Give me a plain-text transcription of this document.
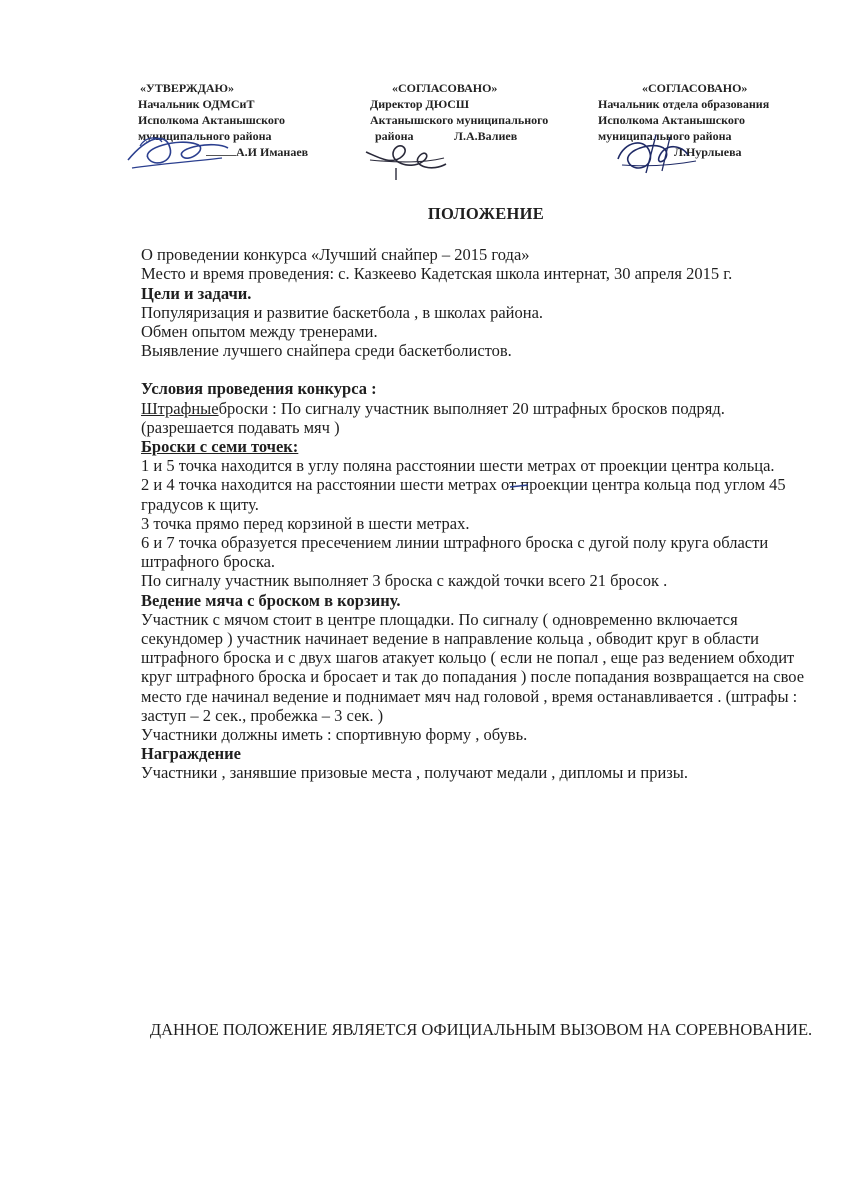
«УТВЕРЖДАЮ»
Начальник ОДМСиТ
Исполкома Актанышского
муниципального района
А.И Иманаев
«СОГЛАСОВАНО»
Директор ДЮСШ
Актанышского муниципального
района	Л.А.Валиев
«СОГЛАСОВАНО»
Начальник отдела образования
Исполкома Актанышского
муниципального района
Л.Нурлыева

ПОЛОЖЕНИЕ

О проведении конкурса «Лучший снайпер – 2015 года»

Место и время проведения: с. Казкеево Кадетская школа интернат, 30 апреля 2015 г.

Цели и задачи.

Популяризация и развитие баскетбола , в школах района.

Обмен опытом между тренерами.

Выявление лучшего снайпера среди баскетболистов.

Условия проведения конкурса :

Штрафныеброски : По сигналу участник выполняет 20 штрафных бросков подряд. (разрешается подавать мяч )

Броски с семи точек:

1 и 5 точка находится в углу поляна расстоянии шести метрах от проекции центра кольца.

2 и 4 точка находится на расстоянии шести метрах от проекции центра кольца под углом 45 градусов к щиту.

3 точка прямо перед корзиной в шести метрах.

6 и 7 точка образуется пресечением линии штрафного броска с дугой полу круга области штрафного броска.

По сигналу участник выполняет 3 броска с каждой точки всего 21 бросок .

Ведение мяча с броском в корзину.

Участник с мячом стоит в центре площадки. По сигналу ( одновременно включается секундомер ) участник начинает ведение в направление кольца , обводит круг в области штрафного броска и с двух шагов атакует кольцо ( если не попал , еще раз ведением обходит круг штрафного броска и бросает и так до попадания ) после попадания возвращается на свое место где начинал ведение и поднимает мяч над головой , время останавливается . (штрафы : заступ – 2 сек., пробежка – 3 сек. )

Участники должны иметь : спортивную форму , обувь.

Награждение

Участники , занявшие призовые места , получают медали , дипломы и призы.

ДАННОЕ ПОЛОЖЕНИЕ ЯВЛЯЕТСЯ ОФИЦИАЛЬНЫМ ВЫЗОВОМ НА СОРЕВНОВАНИЕ.
